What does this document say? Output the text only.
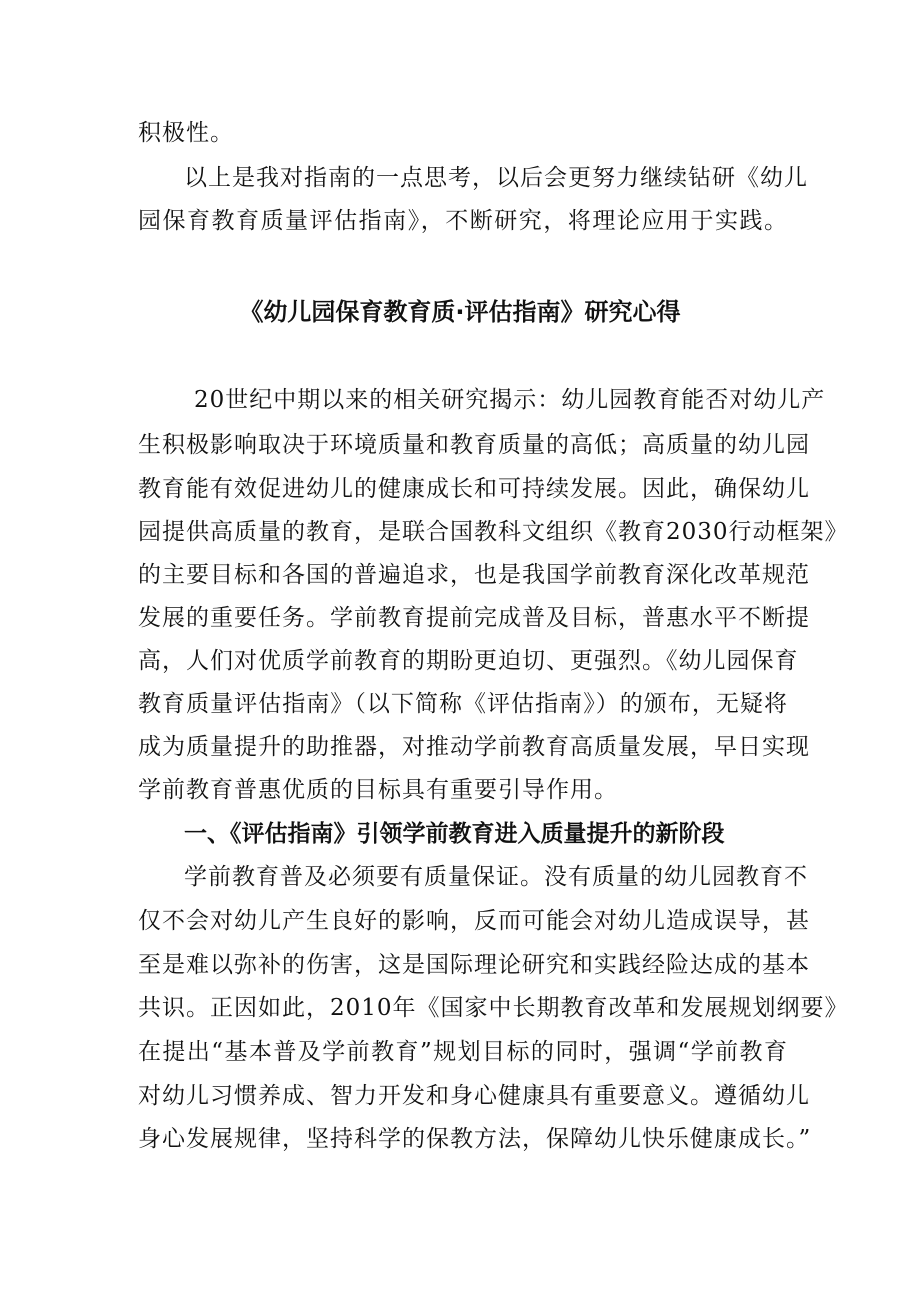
积极性。
以上是我对指南的一点思考，以后会更努力继续钻研《幼儿
园保育教育质量评估指南》，不断研究，将理论应用于实践。
《幼儿园保育教育质·评估指南》研究心得
20世纪中期以来的相关研究揭示：幼儿园教育能否对幼儿产
生积极影响取决于环境质量和教育质量的高低；高质量的幼儿园
教育能有效促进幼儿的健康成长和可持续发展。因此，确保幼儿
园提供高质量的教育，是联合国教科文组织《教育2030行动框架》
的主要目标和各国的普遍追求，也是我国学前教育深化改革规范
发展的重要任务。学前教育提前完成普及目标，普惠水平不断提
高，人们对优质学前教育的期盼更迫切、更强烈。《幼儿园保育
教育质量评估指南》（以下简称《评估指南》）的颁布，无疑将
成为质量提升的助推器，对推动学前教育高质量发展，早日实现
学前教育普惠优质的目标具有重要引导作用。
一、《评估指南》引领学前教育进入质量提升的新阶段
学前教育普及必须要有质量保证。没有质量的幼儿园教育不
仅不会对幼儿产生良好的影响，反而可能会对幼儿造成误导，甚
至是难以弥补的伤害，这是国际理论研究和实践经险达成的基本
共识。正因如此，2010年《国家中长期教育改革和发展规划纲要》
在提出“基本普及学前教育”规划目标的同时，强调“学前教育
对幼儿习惯养成、智力开发和身心健康具有重要意义。遵循幼儿
身心发展规律，坚持科学的保教方法，保障幼儿快乐健康成长。”
